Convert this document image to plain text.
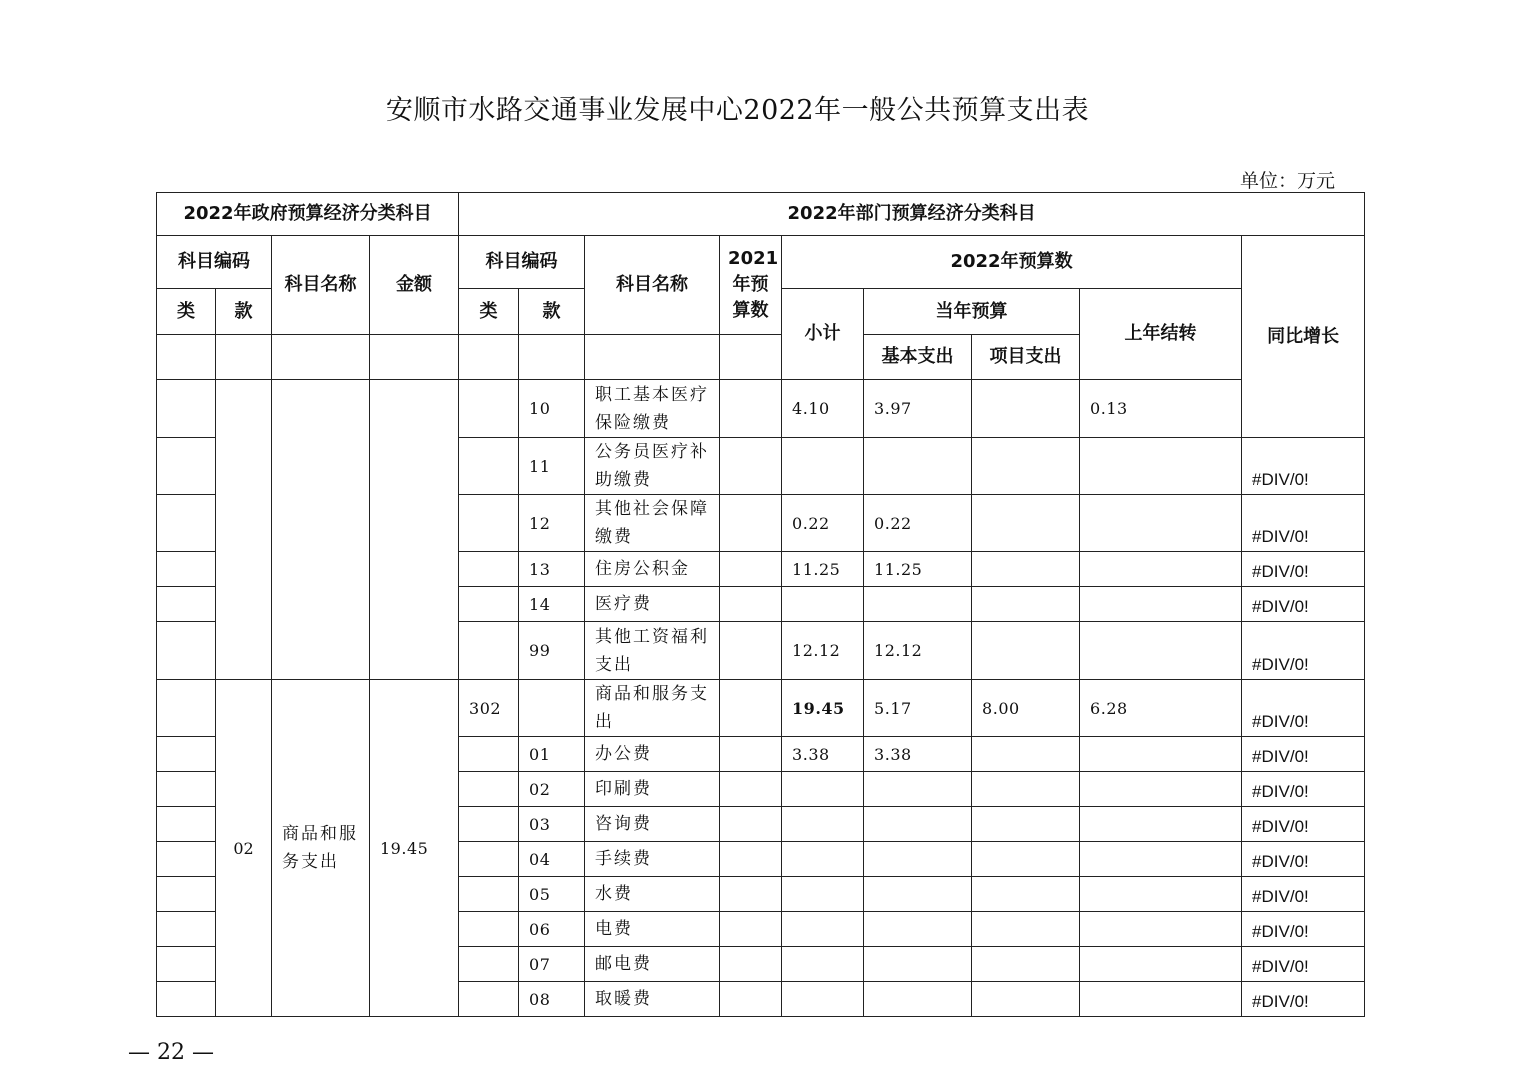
安顺市水路交通事业发展中心2022年一般公共预算支出表
单位：万元
2022年政府预算经济分类科目				2022年部门预算经济分类科目									
科目编码		科目名称	金额	科目编码		科目名称	2021年预算数	2022年预算数				同比增长	
类	款			类	款			小计	当年预算		上年结转		
									基本支出	项目支出			
					10	职工基本医疗保险缴费		4.10	3.97		0.13	
					11	公务员医疗补助缴费						#DIV/0!	
					12	其他社会保障缴费		0.22	0.22			#DIV/0!	
					13	住房公积金		11.25	11.25			#DIV/0!	
					14	医疗费						#DIV/0!	
					99	其他工资福利支出		12.12	12.12			#DIV/0!	
	02	商品和服务支出	19.45	302		商品和服务支出		19.45	5.17	8.00	6.28	#DIV/0!	
					01	办公费		3.38	3.38			#DIV/0!	
					02	印刷费						#DIV/0!	
					03	咨询费						#DIV/0!	
					04	手续费						#DIV/0!	
					05	水费						#DIV/0!	
					06	电费						#DIV/0!	
					07	邮电费						#DIV/0!	
					08	取暖费						#DIV/0!	
— 22 —
